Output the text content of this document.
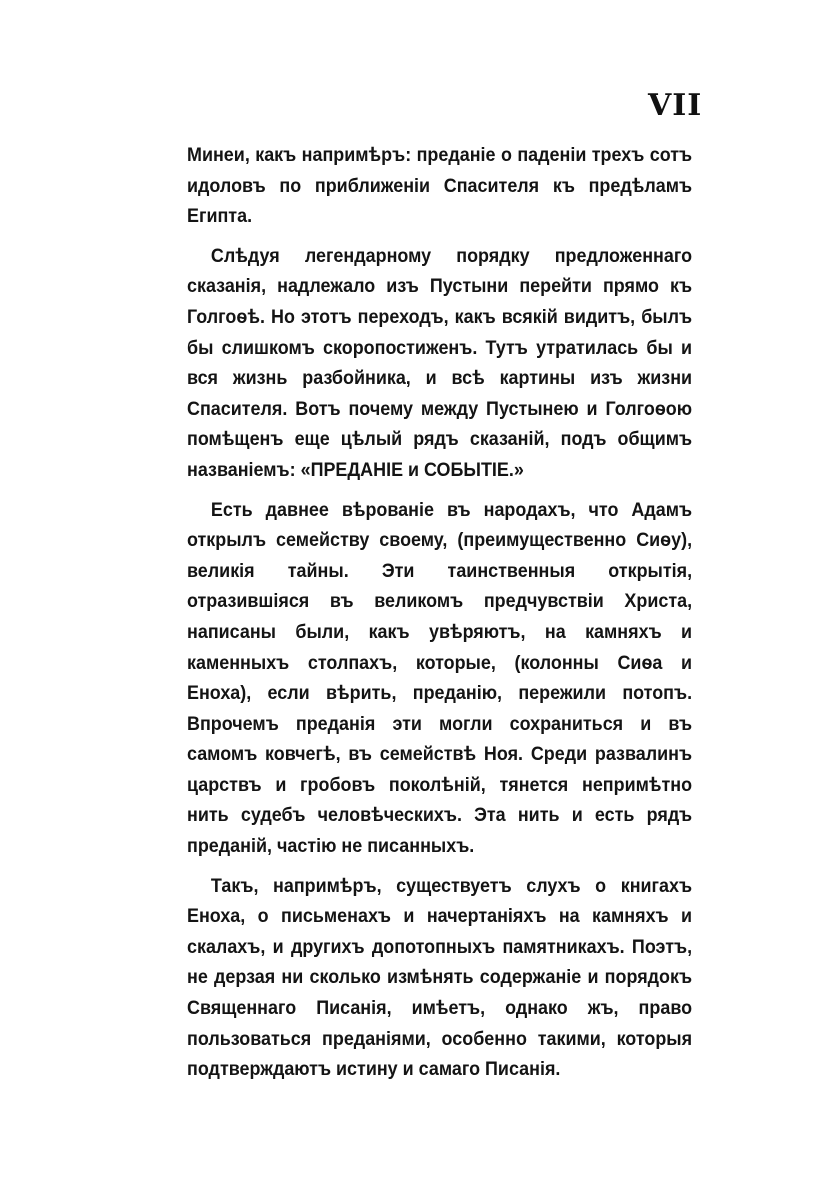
VII

Минеи, какъ напримѣръ: преданіе о паденіи трехъ сотъ идоловъ по приближеніи Спасителя къ предѣламъ Египта.

Слѣдуя легендарному порядку предложеннаго сказанія, надлежало изъ Пустыни перейти прямо къ Голгоѳѣ. Но этотъ переходъ, какъ всякій видитъ, былъ бы слишкомъ скоропостиженъ. Тутъ утратилась бы и вся жизнь разбойника, и всѣ картины изъ жизни Спасителя. Вотъ почему между Пустынею и Голгоѳою помѣщенъ еще цѣлый рядъ сказаній, подъ общимъ названіемъ: «ПРЕДАНІЕ и СОБЫТІЕ.»

Есть давнее вѣрованіе въ народахъ, что Адамъ открылъ семейству своему, (преимущественно Сиѳу), великія тайны. Эти таинственныя открытія, отразившіяся въ великомъ предчувствіи Христа, написаны были, какъ увѣряютъ, на камняхъ и каменныхъ столпахъ, которые, (колонны Сиѳа и Еноха), если вѣрить, преданію, пережили потопъ. Впрочемъ преданія эти могли сохраниться и въ самомъ ковчегѣ, въ семействѣ Ноя. Среди развалинъ царствъ и гробовъ поколѣній, тянется непримѣтно нить судебъ человѣческихъ. Эта нить и есть рядъ преданій, частію не писанныхъ.

Такъ, напримѣръ, существуетъ слухъ о книгахъ Еноха, о письменахъ и начертаніяхъ на камняхъ и скалахъ, и другихъ допотопныхъ памятникахъ. Поэтъ, не дерзая ни сколько измѣнять содержаніе и порядокъ Священнаго Писанія, имѣетъ, однако жъ, право пользоваться преданіями, особенно такими, которыя подтверждаютъ истину и самаго Писанія.
